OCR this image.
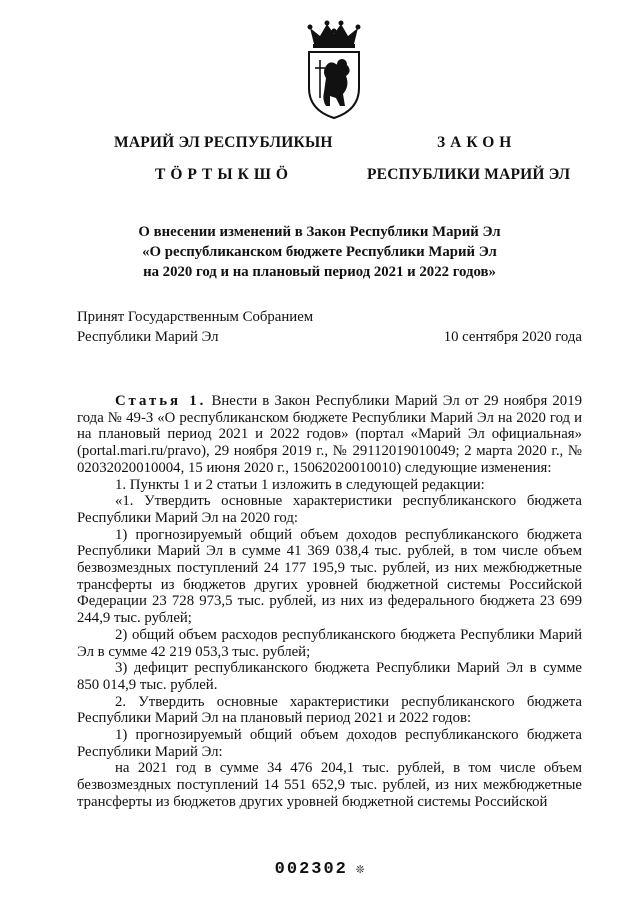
МАРИЙ ЭЛ РЕСПУБЛИКЫН
ТӦРТЫКШӦ
ЗАКОН
РЕСПУБЛИКИ МАРИЙ ЭЛ
О внесении изменений в Закон Республики Марий Эл
«О республиканском бюджете Республики Марий Эл
на 2020 год и на плановый период 2021 и 2022 годов»
Принят Государственным Собранием
Республики Марий Эл	10 сентября 2020 года

Статья 1. Внести в Закон Республики Марий Эл от 29 ноября 2019 года № 49-З «О республиканском бюджете Республики Марий Эл на 2020 год и на плановый период 2021 и 2022 годов» (портал «Марий Эл официальная» (portal.mari.ru/pravo), 29 ноября 2019 г., № 29112019010049; 2 марта 2020 г., № 02032020010004, 15 июня 2020 г., 15062020010010) следующие изменения:

1. Пункты 1 и 2 статьи 1 изложить в следующей редакции:

«1. Утвердить основные характеристики республиканского бюджета Республики Марий Эл на 2020 год:

1) прогнозируемый общий объем доходов республиканского бюджета Республики Марий Эл в сумме 41 369 038,4 тыс. рублей, в том числе объем безвозмездных поступлений 24 177 195,9 тыс. рублей, из них межбюджетные трансферты из бюджетов других уровней бюджетной системы Российской Федерации 23 728 973,5 тыс. рублей, из них из федерального бюджета 23 699 244,9 тыс. рублей;

2) общий объем расходов республиканского бюджета Республики Марий Эл в сумме 42 219 053,3 тыс. рублей;

3) дефицит республиканского бюджета Республики Марий Эл в сумме 850 014,9 тыс. рублей.

2. Утвердить основные характеристики республиканского бюджета Республики Марий Эл на плановый период 2021 и 2022 годов:

1) прогнозируемый общий объем доходов республиканского бюджета Республики Марий Эл:

на 2021 год в сумме 34 476 204,1 тыс. рублей, в том числе объем безвозмездных поступлений 14 551 652,9 тыс. рублей, из них межбюджетные трансферты из бюджетов других уровней бюджетной системы Российской

002302 ❊
